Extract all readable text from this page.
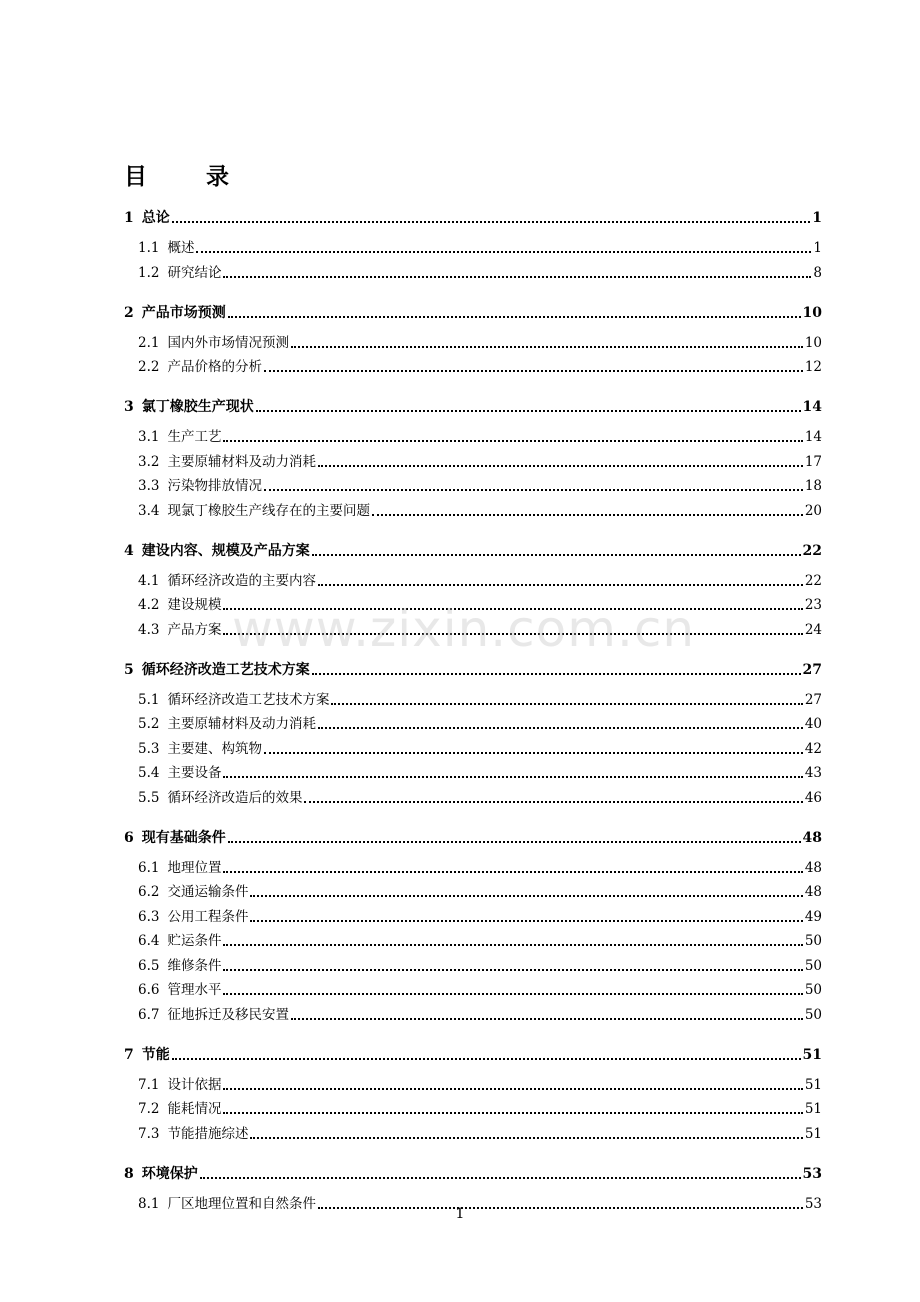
目　录
1 总论	1
1.1 概述	1
1.2 研究结论	8
2 产品市场预测	10
2.1 国内外市场情况预测	10
2.2 产品价格的分析	12
3 氯丁橡胶生产现状	14
3.1 生产工艺	14
3.2 主要原辅材料及动力消耗	17
3.3 污染物排放情况	18
3.4 现氯丁橡胶生产线存在的主要问题	20
4 建设内容、规模及产品方案	22
4.1 循环经济改造的主要内容	22
4.2 建设规模	23
4.3 产品方案	24
5 循环经济改造工艺技术方案	27
5.1 循环经济改造工艺技术方案	27
5.2 主要原辅材料及动力消耗	40
5.3 主要建、构筑物	42
5.4 主要设备	43
5.5 循环经济改造后的效果	46
6 现有基础条件	48
6.1 地理位置	48
6.2 交通运输条件	48
6.3 公用工程条件	49
6.4 贮运条件	50
6.5 维修条件	50
6.6 管理水平	50
6.7 征地拆迁及移民安置	50
7 节能	51
7.1 设计依据	51
7.2 能耗情况	51
7.3 节能措施综述	51
8 环境保护	53
8.1 厂区地理位置和自然条件	53
www.zixin.com.cn
1
